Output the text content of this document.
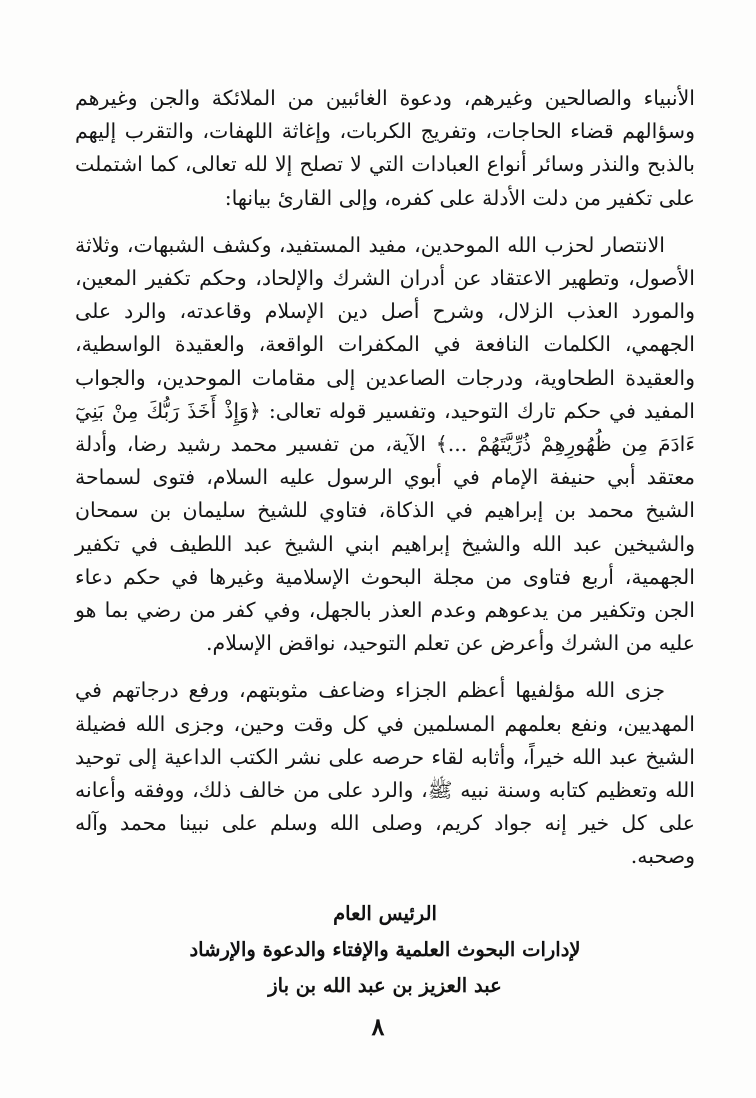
الأنبياء والصالحين وغيرهم، ودعوة الغائبين من الملائكة والجن وغيرهم وسؤالهم قضاء الحاجات، وتفريج الكربات، وإغاثة اللهفات، والتقرب إليهم بالذبح والنذر وسائر أنواع العبادات التي لا تصلح إلا لله تعالى، كما اشتملت على تكفير من دلت الأدلة على كفره، وإلى القارئ بيانها:

الانتصار لحزب الله الموحدين، مفيد المستفيد، وكشف الشبهات، وثلاثة الأصول، وتطهير الاعتقاد عن أدران الشرك والإلحاد، وحكم تكفير المعين، والمورد العذب الزلال، وشرح أصل دين الإسلام وقاعدته، والرد على الجهمي، الكلمات النافعة في المكفرات الواقعة، والعقيدة الواسطية، والعقيدة الطحاوية، ودرجات الصاعدين إلى مقامات الموحدين، والجواب المفيد في حكم تارك التوحيد، وتفسير قوله تعالى: ﴿وَإِذْ أَخَذَ رَبُّكَ مِنْ بَنِيٓ ءَادَمَ مِن ظُهُورِهِمْ ذُرِّيَّتَهُمْ ...﴾ الآية، من تفسير محمد رشيد رضا، وأدلة معتقد أبي حنيفة الإمام في أبوي الرسول عليه السلام، فتوى لسماحة الشيخ محمد بن إبراهيم في الذكاة، فتاوي للشيخ سليمان بن سمحان والشيخين عبد الله والشيخ إبراهيم ابني الشيخ عبد اللطيف في تكفير الجهمية، أربع فتاوى من مجلة البحوث الإسلامية وغيرها في حكم دعاء الجن وتكفير من يدعوهم وعدم العذر بالجهل، وفي كفر من رضي بما هو عليه من الشرك وأعرض عن تعلم التوحيد، نواقض الإسلام.

جزى الله مؤلفيها أعظم الجزاء وضاعف مثوبتهم، ورفع درجاتهم في المهديين، ونفع بعلمهم المسلمين في كل وقت وحين، وجزى الله فضيلة الشيخ عبد الله خيراً، وأثابه لقاء حرصه على نشر الكتب الداعية إلى توحيد الله وتعظيم كتابه وسنة نبيه ﷺ، والرد على من خالف ذلك، ووفقه وأعانه على كل خير إنه جواد كريم، وصلى الله وسلم على نبينا محمد وآله وصحبه.

الرئيس العام
لإدارات البحوث العلمية والإفتاء والدعوة والإرشاد
عبد العزيز بن عبد الله بن باز
٨
